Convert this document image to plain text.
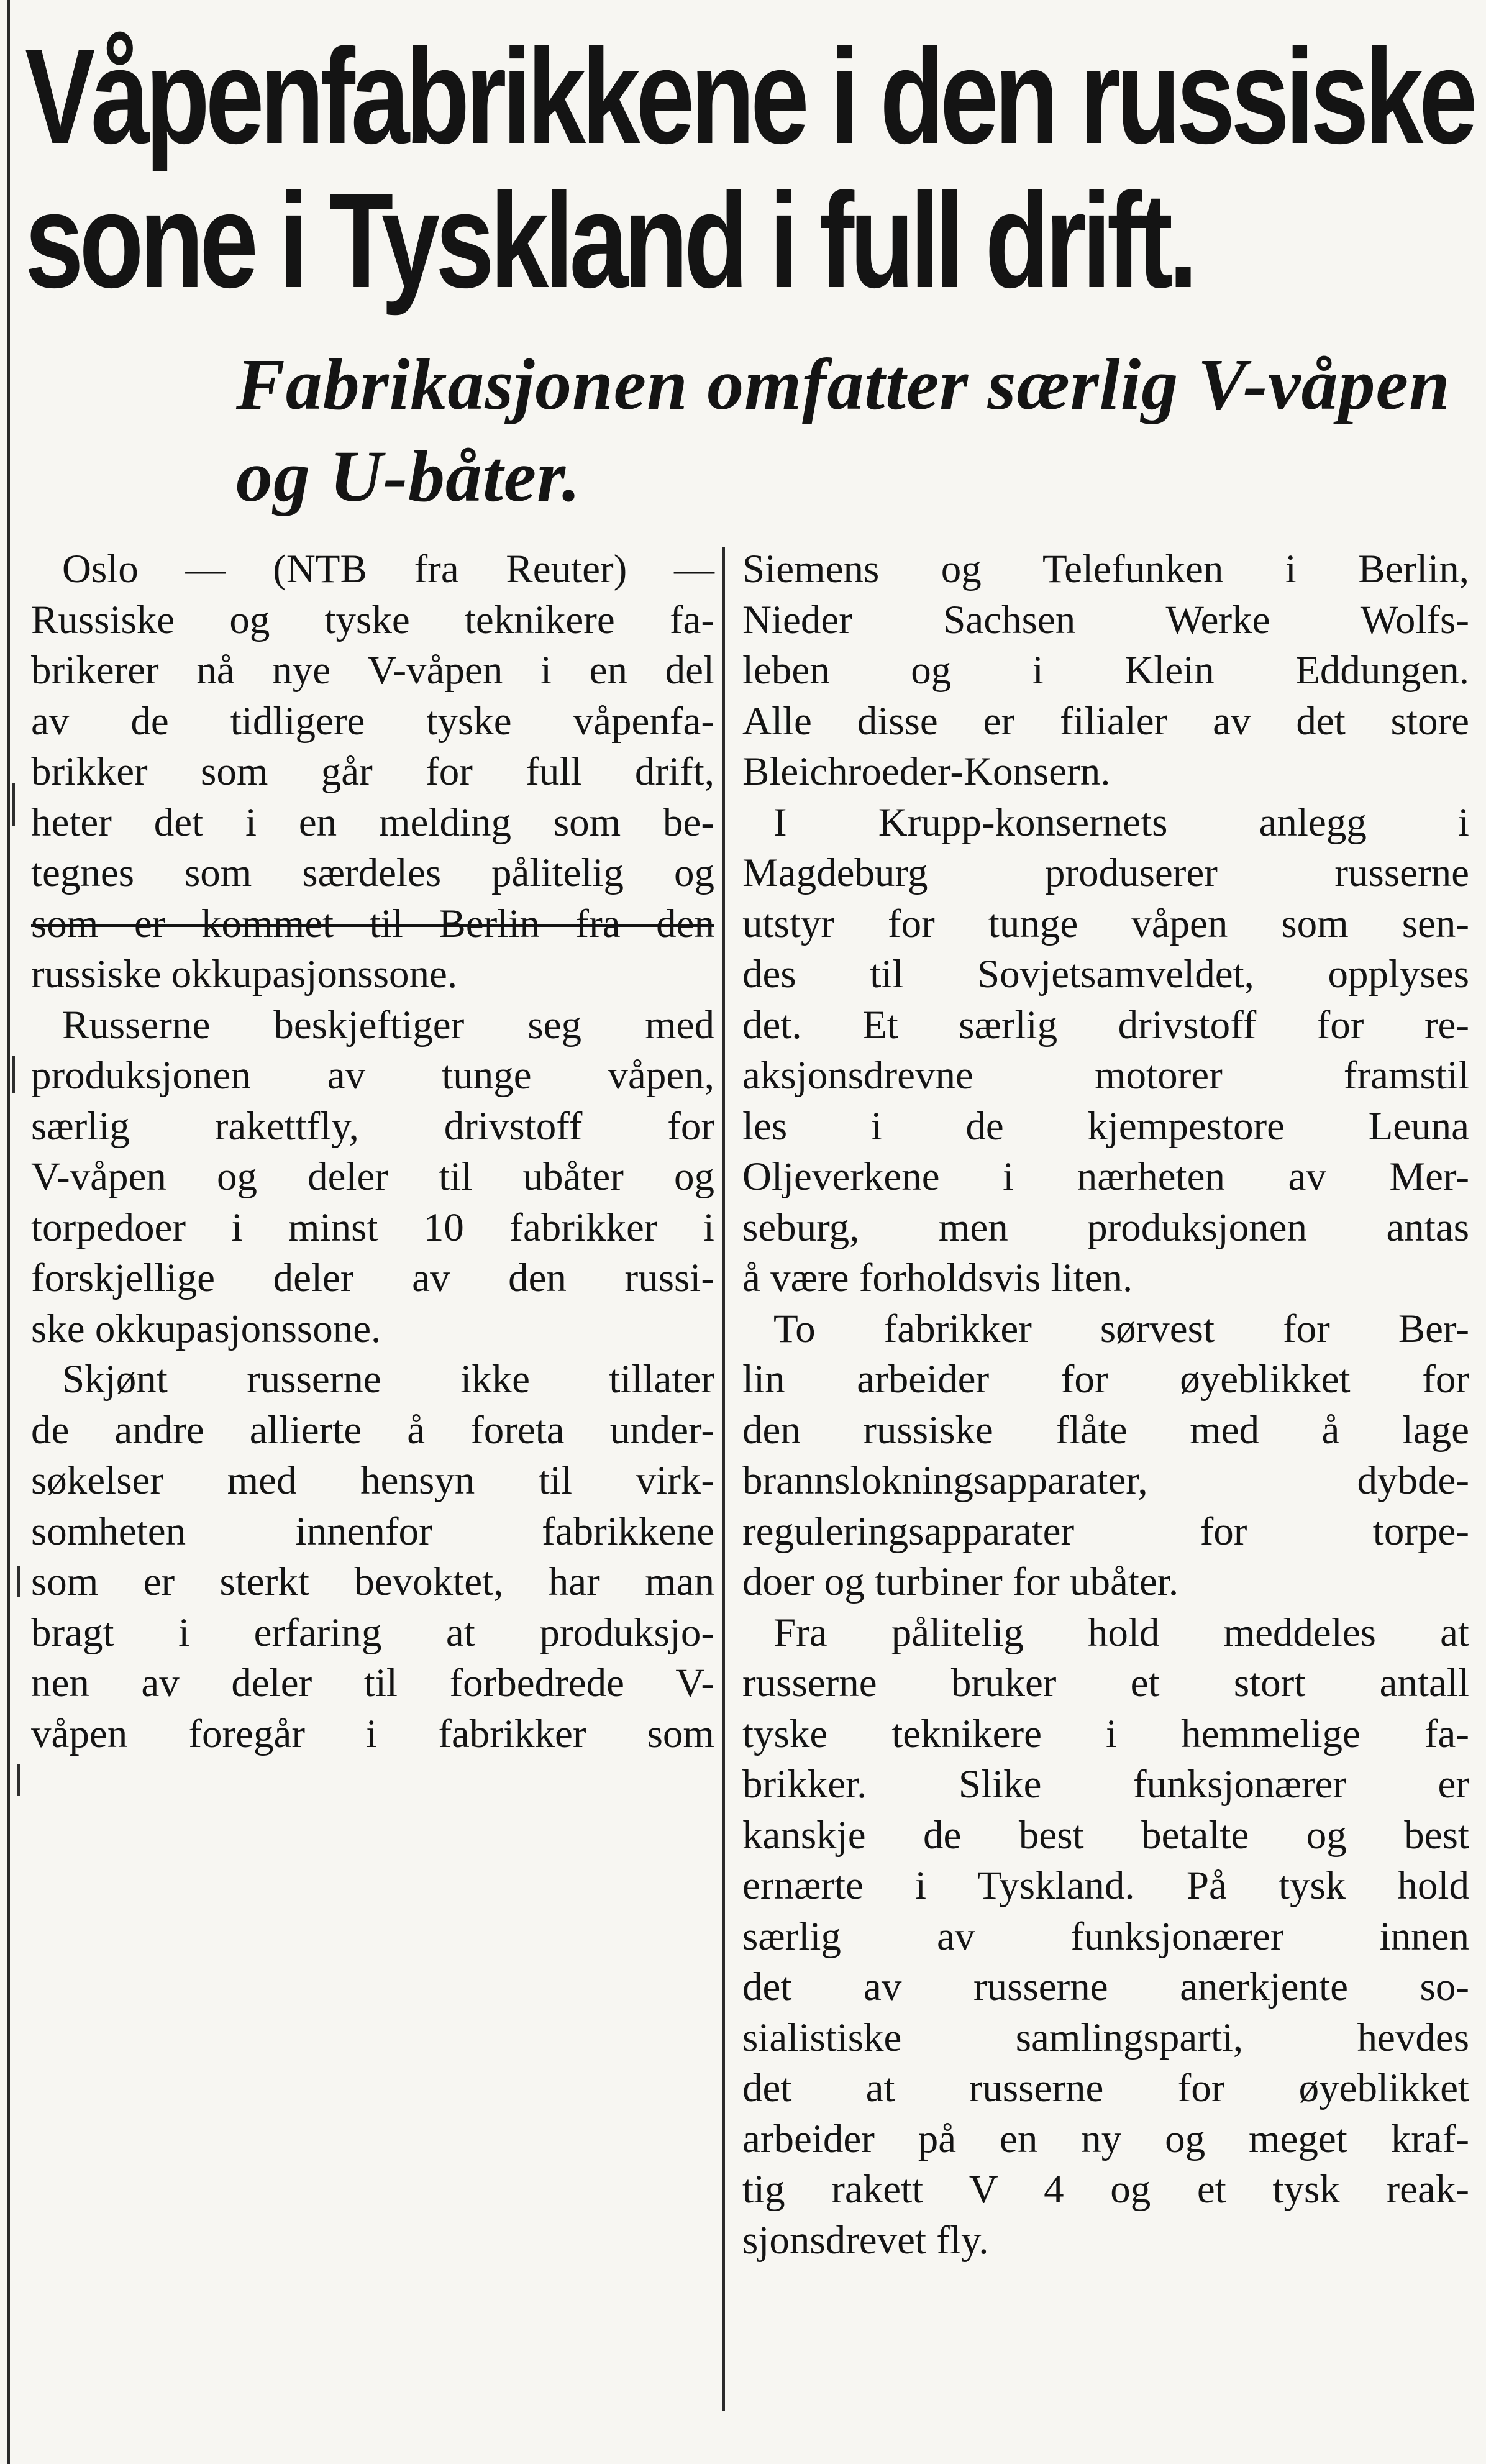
Våpenfabrikkene i den russiske
sone i Tyskland i full drift.
Fabrikasjonen omfatter særlig V-våpen
og U-båter.
Oslo — (NTB fra Reuter) —
Russiske og tyske teknikere fa-
brikerer nå nye V-våpen i en del
av de tidligere tyske våpenfa-
brikker som går for full drift,
heter det i en melding som be-
tegnes som særdeles pålitelig og
som er kommet til Berlin fra den
russiske okkupasjonssone.
Russerne beskjeftiger seg med
produksjonen av tunge våpen,
særlig rakettfly, drivstoff for
V-våpen og deler til ubåter og
torpedoer i minst 10 fabrikker i
forskjellige deler av den russi-
ske okkupasjonssone.
Skjønt russerne ikke tillater
de andre allierte å foreta under-
søkelser med hensyn til virk-
somheten innenfor fabrikkene
som er sterkt bevoktet, har man
bragt i erfaring at produksjo-
nen av deler til forbedrede V-
våpen foregår i fabrikker som
Siemens og Telefunken i Berlin,
Nieder Sachsen Werke Wolfs-
leben og i Klein Eddungen.
Alle disse er filialer av det store
Bleichroeder-Konsern.
I Krupp-konsernets anlegg i
Magdeburg produserer russerne
utstyr for tunge våpen som sen-
des til Sovjetsamveldet, opplyses
det. Et særlig drivstoff for re-
aksjonsdrevne motorer framstil
les i de kjempestore Leuna
Oljeverkene i nærheten av Mer-
seburg, men produksjonen antas
å være forholdsvis liten.
To fabrikker sørvest for Ber-
lin arbeider for øyeblikket for
den russiske flåte med å lage
brannslokningsapparater, dybde-
reguleringsapparater for torpe-
doer og turbiner for ubåter.
Fra pålitelig hold meddeles at
russerne bruker et stort antall
tyske teknikere i hemmelige fa-
brikker. Slike funksjonærer er
kanskje de best betalte og best
ernærte i Tyskland. På tysk hold
særlig av funksjonærer innen
det av russerne anerkjente so-
sialistiske samlingsparti, hevdes
det at russerne for øyeblikket
arbeider på en ny og meget kraf-
tig rakett V 4 og et tysk reak-
sjonsdrevet fly.
